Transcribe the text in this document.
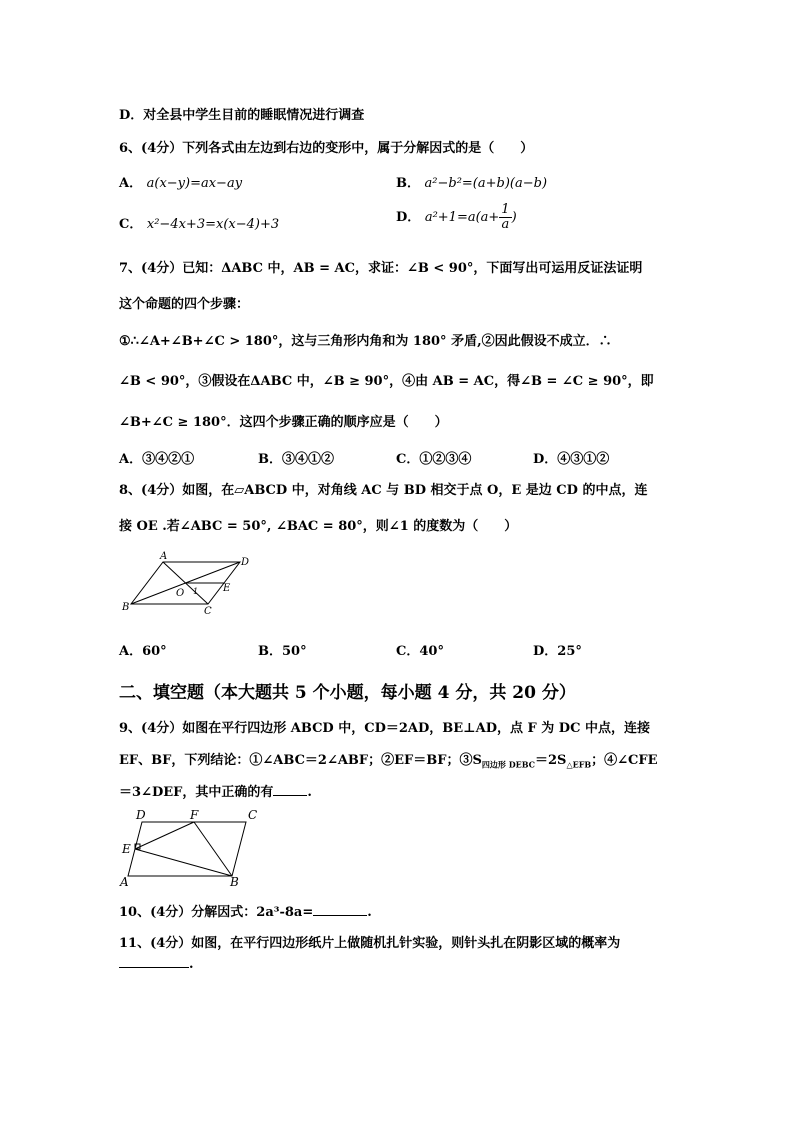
D．对全县中学生目前的睡眠情况进行调查
6、(4分）下列各式由左边到右边的变形中，属于分解因式的是（　　）
A． a(x−y)=ax−ay	B． a²−b²=(a+b)(a−b)
C． x²−4x+3=x(x−4)+3	D． $a^2+1=a(a+ \frac{1}{a}$ )
7、(4分）已知：ΔABC 中，AB = AC，求证：∠B < 90°，下面写出可运用反证法证明
这个命题的四个步骤：
①∴∠A+∠B+∠C > 180°，这与三角形内角和为 180° 矛盾,②因此假设不成立．∴
∠B < 90°，③假设在ΔABC 中，∠B ≥ 90°，④由 AB = AC，得∠B = ∠C ≥ 90°，即
∠B+∠C ≥ 180°．这四个步骤正确的顺序应是（　　）
A．③④②①	B．③④①②	C．①②③④	D．④③①②
8、(4分）如图，在▱ABCD 中，对角线 AC 与 BD 相交于点 O，E 是边 CD 的中点，连
接 OE .若∠ABC = 50°, ∠BAC = 80°，则∠1 的度数为（　　）
A
D
B	C
O	E
1
A．60°	B．50°	C．40°	D．25°
二、填空题（本大题共 5 个小题，每小题 4 分，共 20 分）
9、(4分）如图在平行四边形 ABCD 中，CD＝2AD，BE⊥AD，点 F 为 DC 中点，连接
EF、BF，下列结论：①∠ABC＝2∠ABF；②EF＝BF；$③S_{四边形 DEBC}=2S_{\triangle EFB}$；④∠CFE
＝3∠DEF，其中正确的有	.
D	F	C
E
A	B
10、(4分）分解因式：2a³-8a=	.
11、(4分）如图，在平行四边形纸片上做随机扎针实验，则针头扎在阴影区域的概率为
.
